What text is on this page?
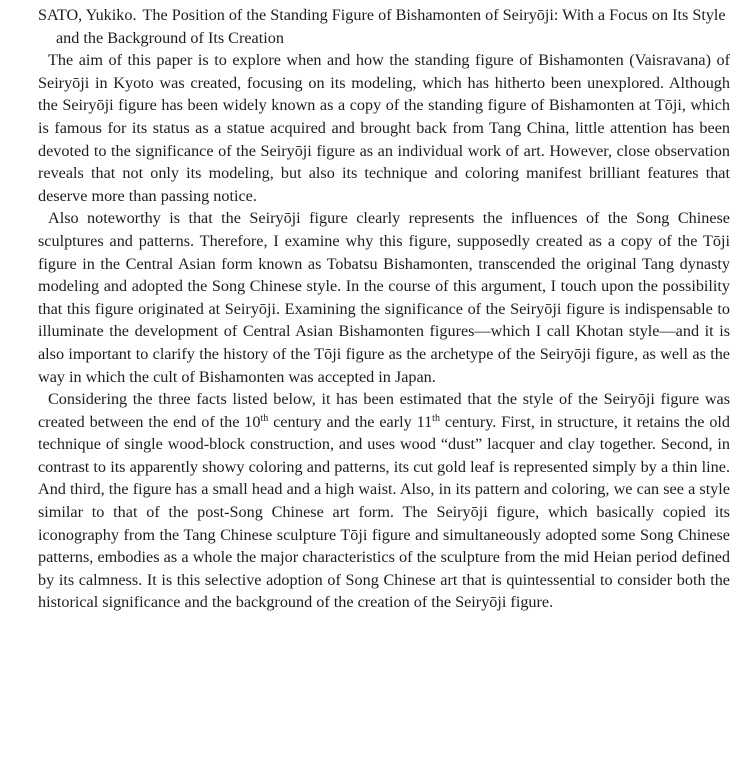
SATO, Yukiko. The Position of the Standing Figure of Bishamonten of Seiryōji: With a Focus on Its Style and the Background of Its Creation

The aim of this paper is to explore when and how the standing figure of Bishamonten (Vaisravana) of Seiryōji in Kyoto was created, focusing on its modeling, which has hitherto been unexplored. Although the Seiryōji figure has been widely known as a copy of the standing figure of Bishamonten at Tōji, which is famous for its status as a statue acquired and brought back from Tang China, little attention has been devoted to the significance of the Seiryōji figure as an individual work of art. However, close observation reveals that not only its modeling, but also its technique and coloring manifest brilliant features that deserve more than passing notice.

Also noteworthy is that the Seiryōji figure clearly represents the influences of the Song Chinese sculptures and patterns. Therefore, I examine why this figure, supposedly created as a copy of the Tōji figure in the Central Asian form known as Tobatsu Bishamonten, transcended the original Tang dynasty modeling and adopted the Song Chinese style. In the course of this argument, I touch upon the possibility that this figure originated at Seiryōji. Examining the significance of the Seiryōji figure is indispensable to illuminate the development of Central Asian Bishamonten figures—which I call Khotan style—and it is also important to clarify the history of the Tōji figure as the archetype of the Seiryōji figure, as well as the way in which the cult of Bishamonten was accepted in Japan.

Considering the three facts listed below, it has been estimated that the style of the Seiryōji figure was created between the end of the 10th century and the early 11th century. First, in structure, it retains the old technique of single wood-block construction, and uses wood “dust” lacquer and clay together. Second, in contrast to its apparently showy coloring and patterns, its cut gold leaf is represented simply by a thin line. And third, the figure has a small head and a high waist. Also, in its pattern and coloring, we can see a style similar to that of the post-Song Chinese art form. The Seiryōji figure, which basically copied its iconography from the Tang Chinese sculpture Tōji figure and simultaneously adopted some Song Chinese patterns, embodies as a whole the major characteristics of the sculpture from the mid Heian period defined by its calmness. It is this selective adoption of Song Chinese art that is quintessential to consider both the historical significance and the background of the creation of the Seiryōji figure.
